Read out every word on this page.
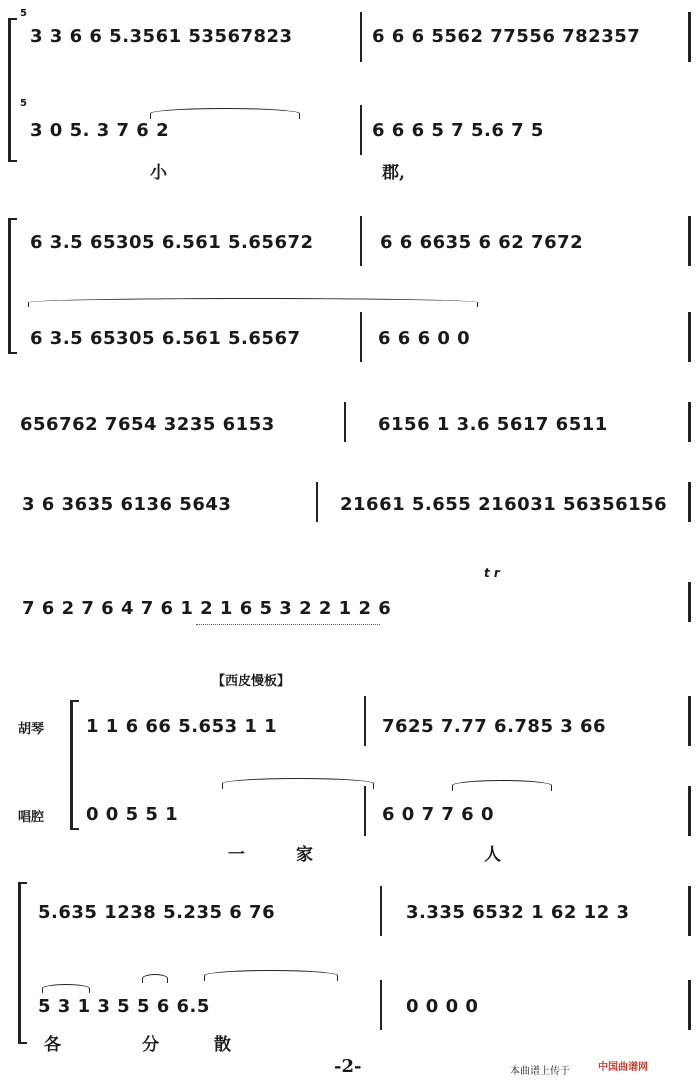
5
3 3 6 6 5.3561 53567823	6 6 6 5562 77556 782357
5
3 0 5. 3 7 6 2	6 6 6 5 7 5.6 7 5
小	郡,
6 3.5 65305 6.561 5.65672	6 6 6635 6 62 7672
6 3.5 65305 6.561 5.6567	6 6 6 0 0
656762 7654 3235 6153	6156 1 3.6 5617 6511
3 6 3635 6136 5643	21661 5.655 216031 56356156
7 6 2 7 6 4 7 6 1 2 1 6 5 3 2 2 1 2 6
t r
【西皮慢板】
胡琴 1 1 6 66 5.653 1 1	7625 7.77 6.785 3 66
唱腔 0 0 5 5 1	6 0 7 7 6 0
一	家	人
5.635 1238 5.235 6 76	3.335 6532 1 62 12 3
5 3 1 3 5 5 6 6.5	0 0 0 0
各	分	散
-2-	本曲谱上传于	中国曲谱网
